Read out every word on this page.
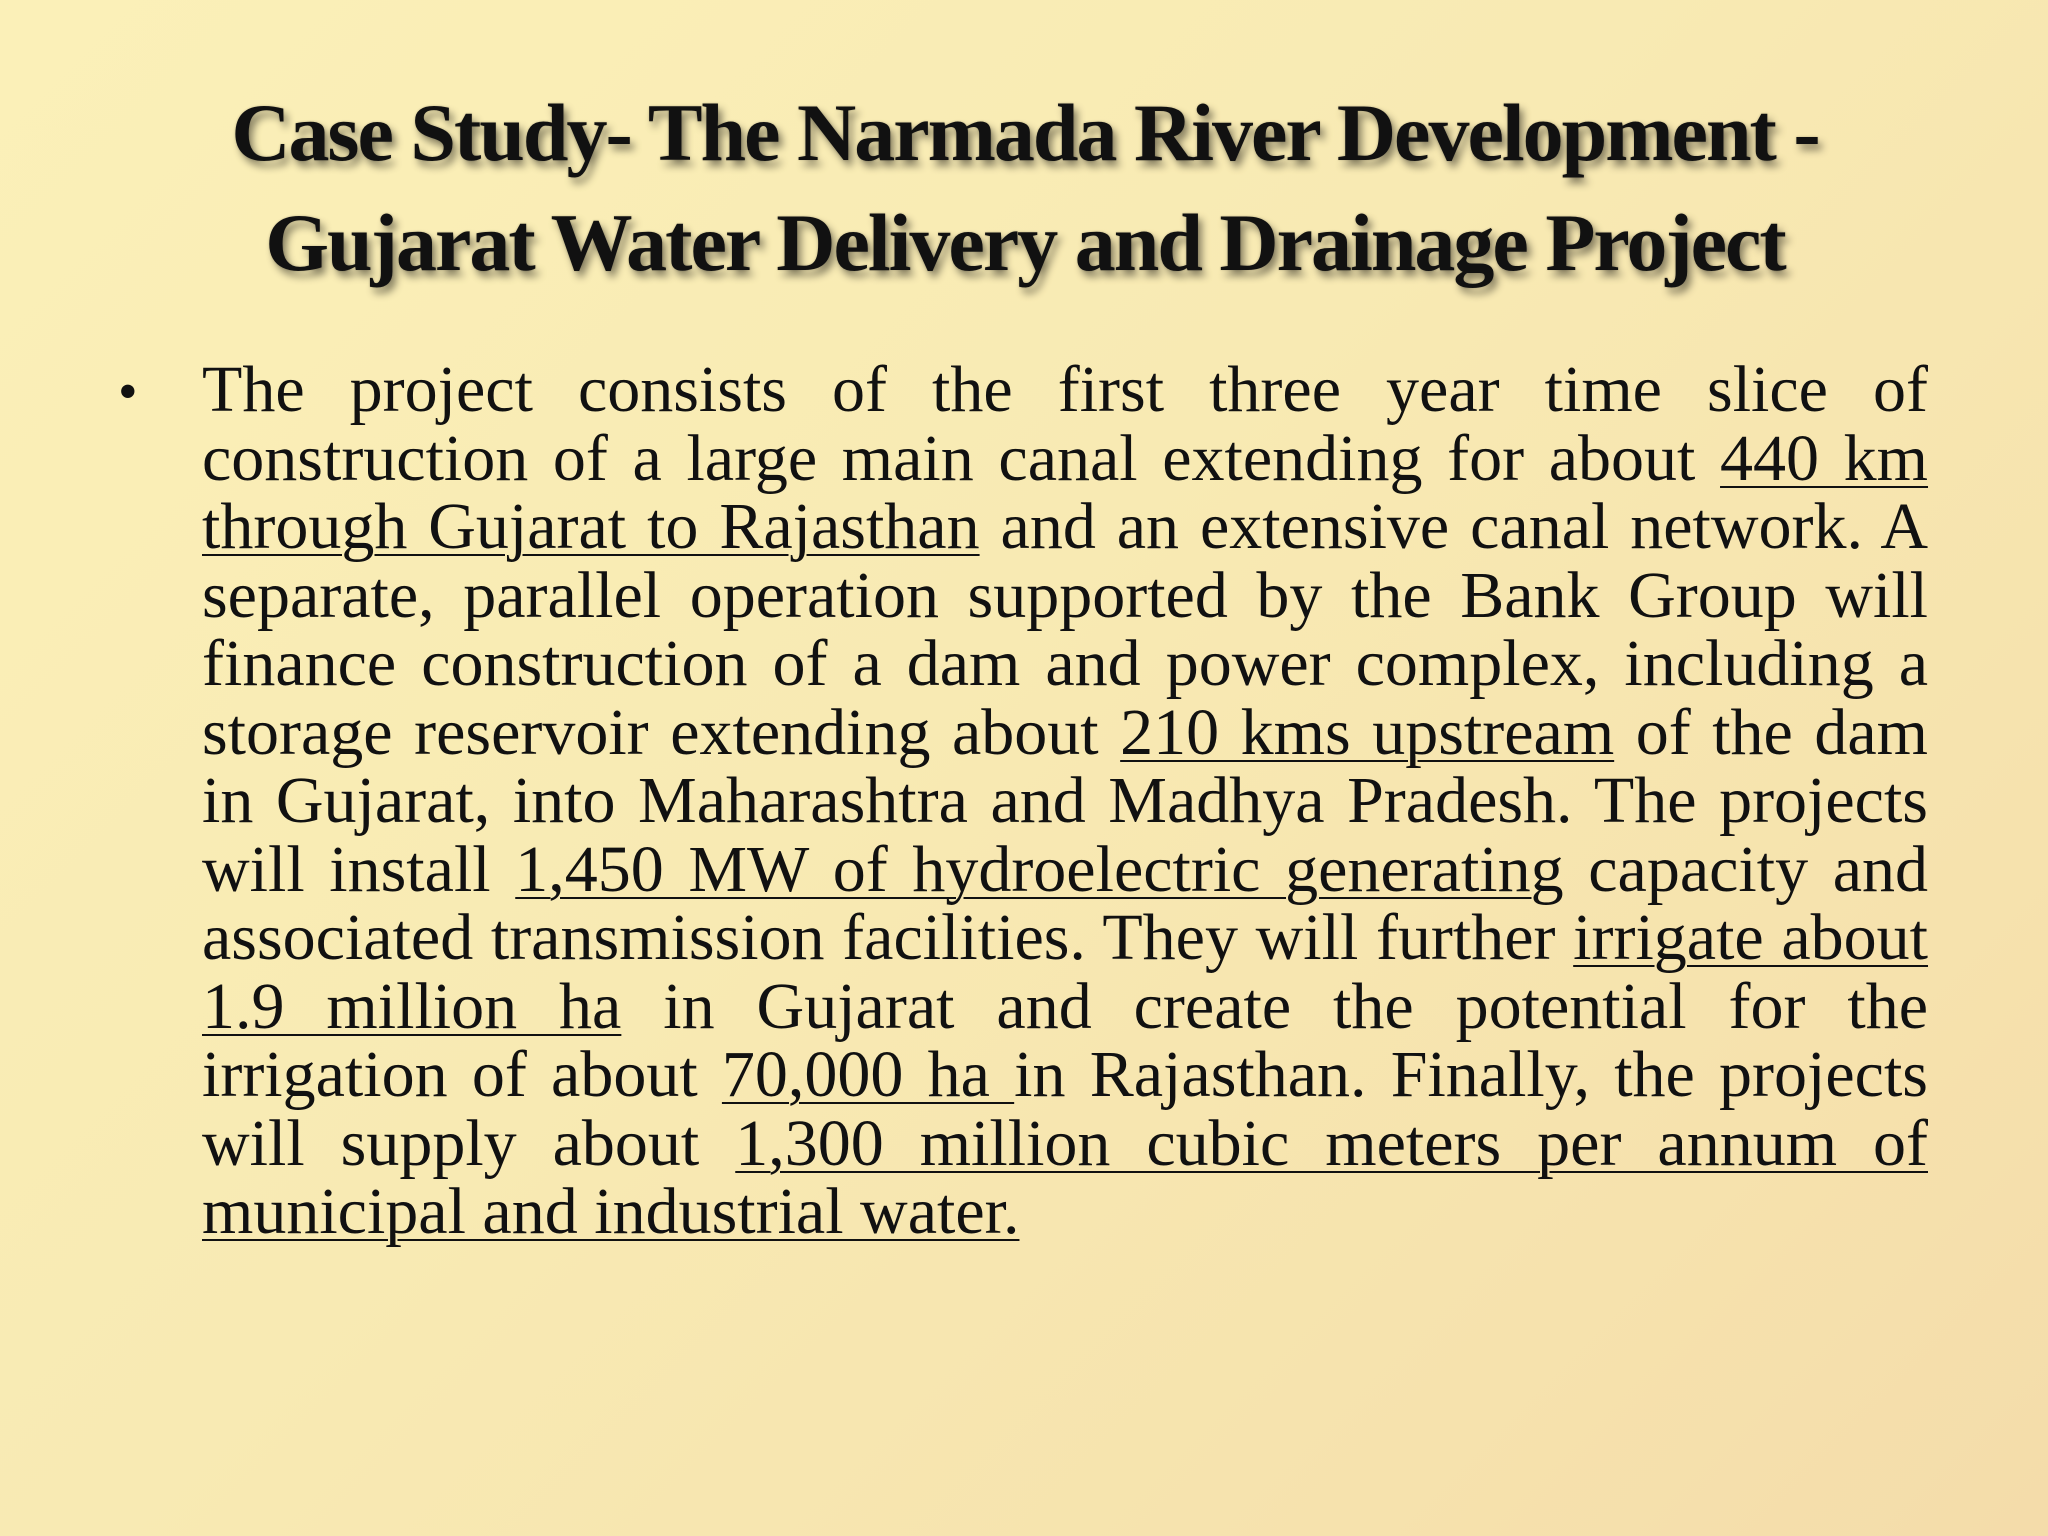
Case Study- The Narmada River Development -
Gujarat Water Delivery and Drainage Project
• The project consists of the first three year time slice of construction of a large main canal extending for about 440 km through Gujarat to Rajasthan and an extensive canal network. A separate, parallel operation supported by the Bank Group will finance construction of a dam and power complex, including a storage reservoir extending about 210 kms upstream of the dam in Gujarat, into Maharashtra and Madhya Pradesh. The projects will install 1,450 MW of hydroelectric generating capacity and associated transmission facilities. They will further irrigate about 1.9 million ha in Gujarat and create the potential for the irrigation of about 70,000 ha in Rajasthan. Finally, the projects will supply about 1,300 million cubic meters per annum of municipal and industrial water.
